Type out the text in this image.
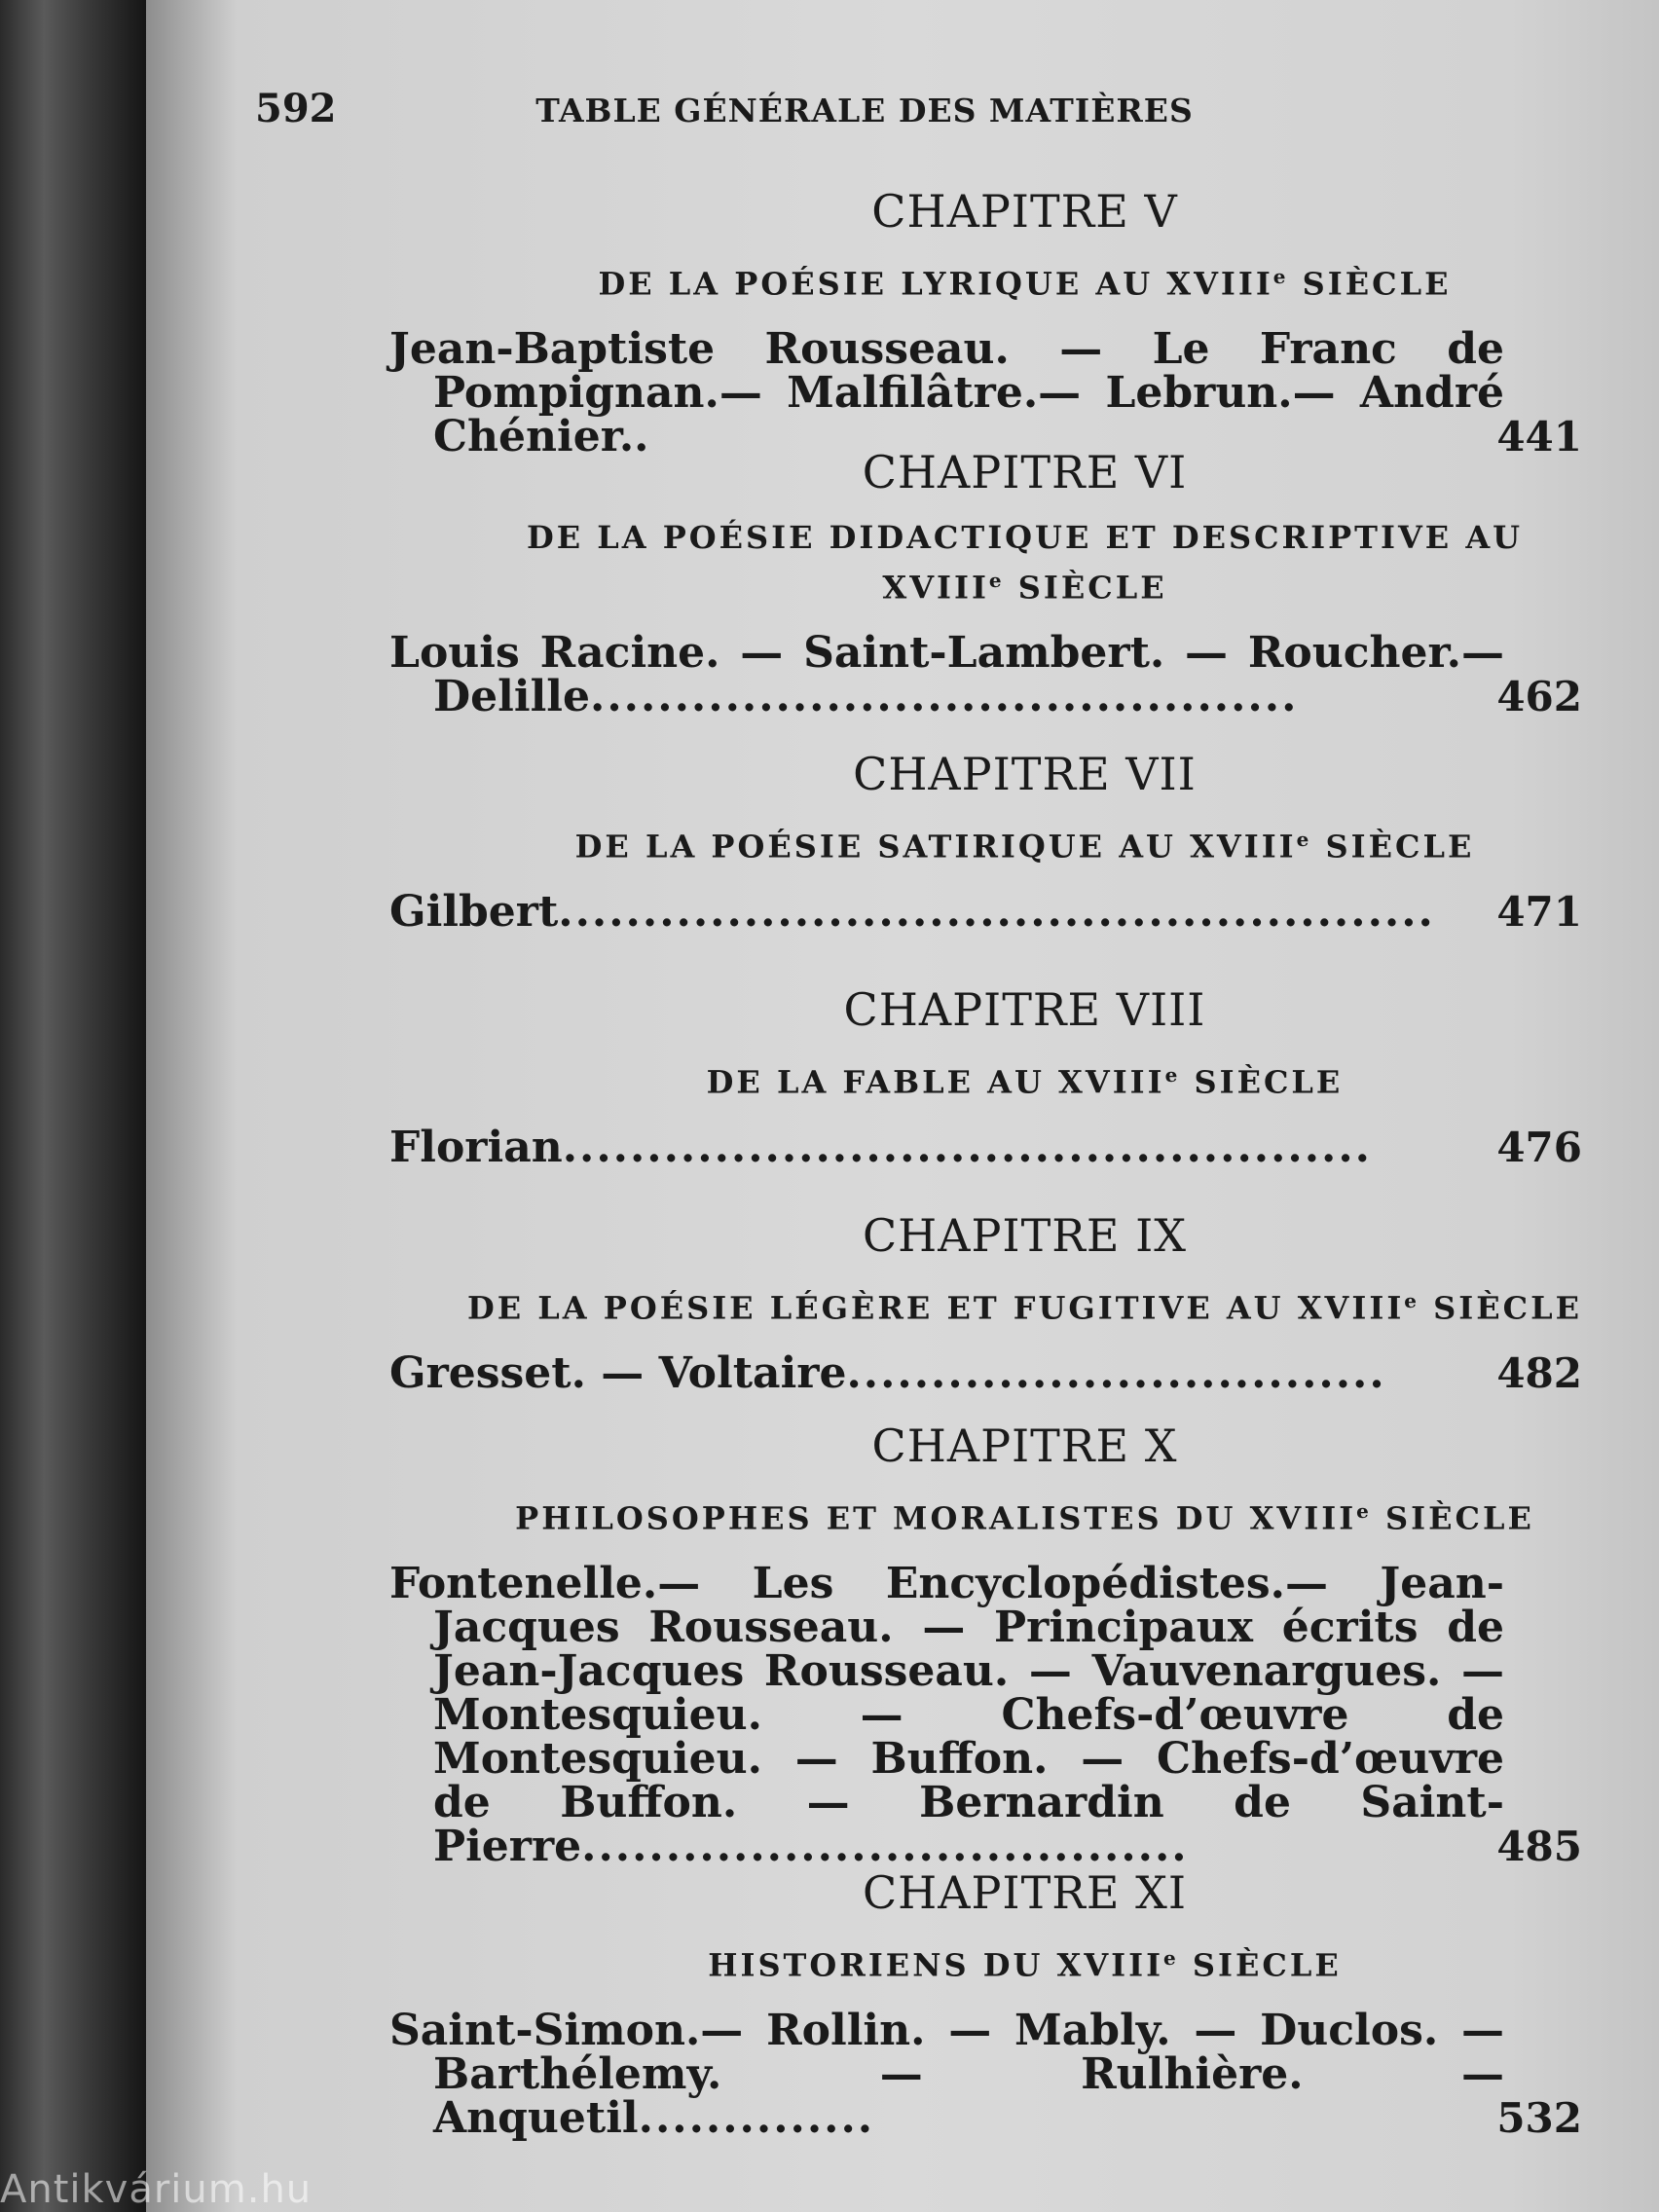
592	TABLE GÉNÉRALE DES MATIÈRES
CHAPITRE V
DE LA POÉSIE LYRIQUE AU XVIIIe SIÈCLE
Jean-Baptiste Rousseau. — Le Franc de Pompignan.— Malfilâtre.— Lebrun.— André Chénier..	441
CHAPITRE VI
DE LA POÉSIE DIDACTIQUE ET DESCRIPTIVE AU XVIIIe SIÈCLE
Louis Racine. — Saint-Lambert. — Roucher.— Delille..........................................	462
CHAPITRE VII
DE LA POÉSIE SATIRIQUE AU XVIIIe SIÈCLE
Gilbert....................................................	471
CHAPITRE VIII
DE LA FABLE AU XVIIIe SIÈCLE
Florian................................................	476
CHAPITRE IX
DE LA POÉSIE LÉGÈRE ET FUGITIVE AU XVIIIe SIÈCLE
Gresset. — Voltaire................................	482
CHAPITRE X
PHILOSOPHES ET MORALISTES DU XVIIIe SIÈCLE
Fontenelle.— Les Encyclopédistes.— Jean-Jacques Rousseau. — Principaux écrits de Jean-Jacques Rousseau. — Vauvenargues. — Montesquieu. — Chefs-d’œuvre de Montesquieu. — Buffon. — Chefs-d’œuvre de Buffon. — Bernardin de Saint-Pierre....................................	485
CHAPITRE XI
HISTORIENS DU XVIIIe SIÈCLE
Saint-Simon.— Rollin. — Mably. — Duclos. — Barthélemy. — Rulhière. — Anquetil..............	532
Antikvárium.hu
